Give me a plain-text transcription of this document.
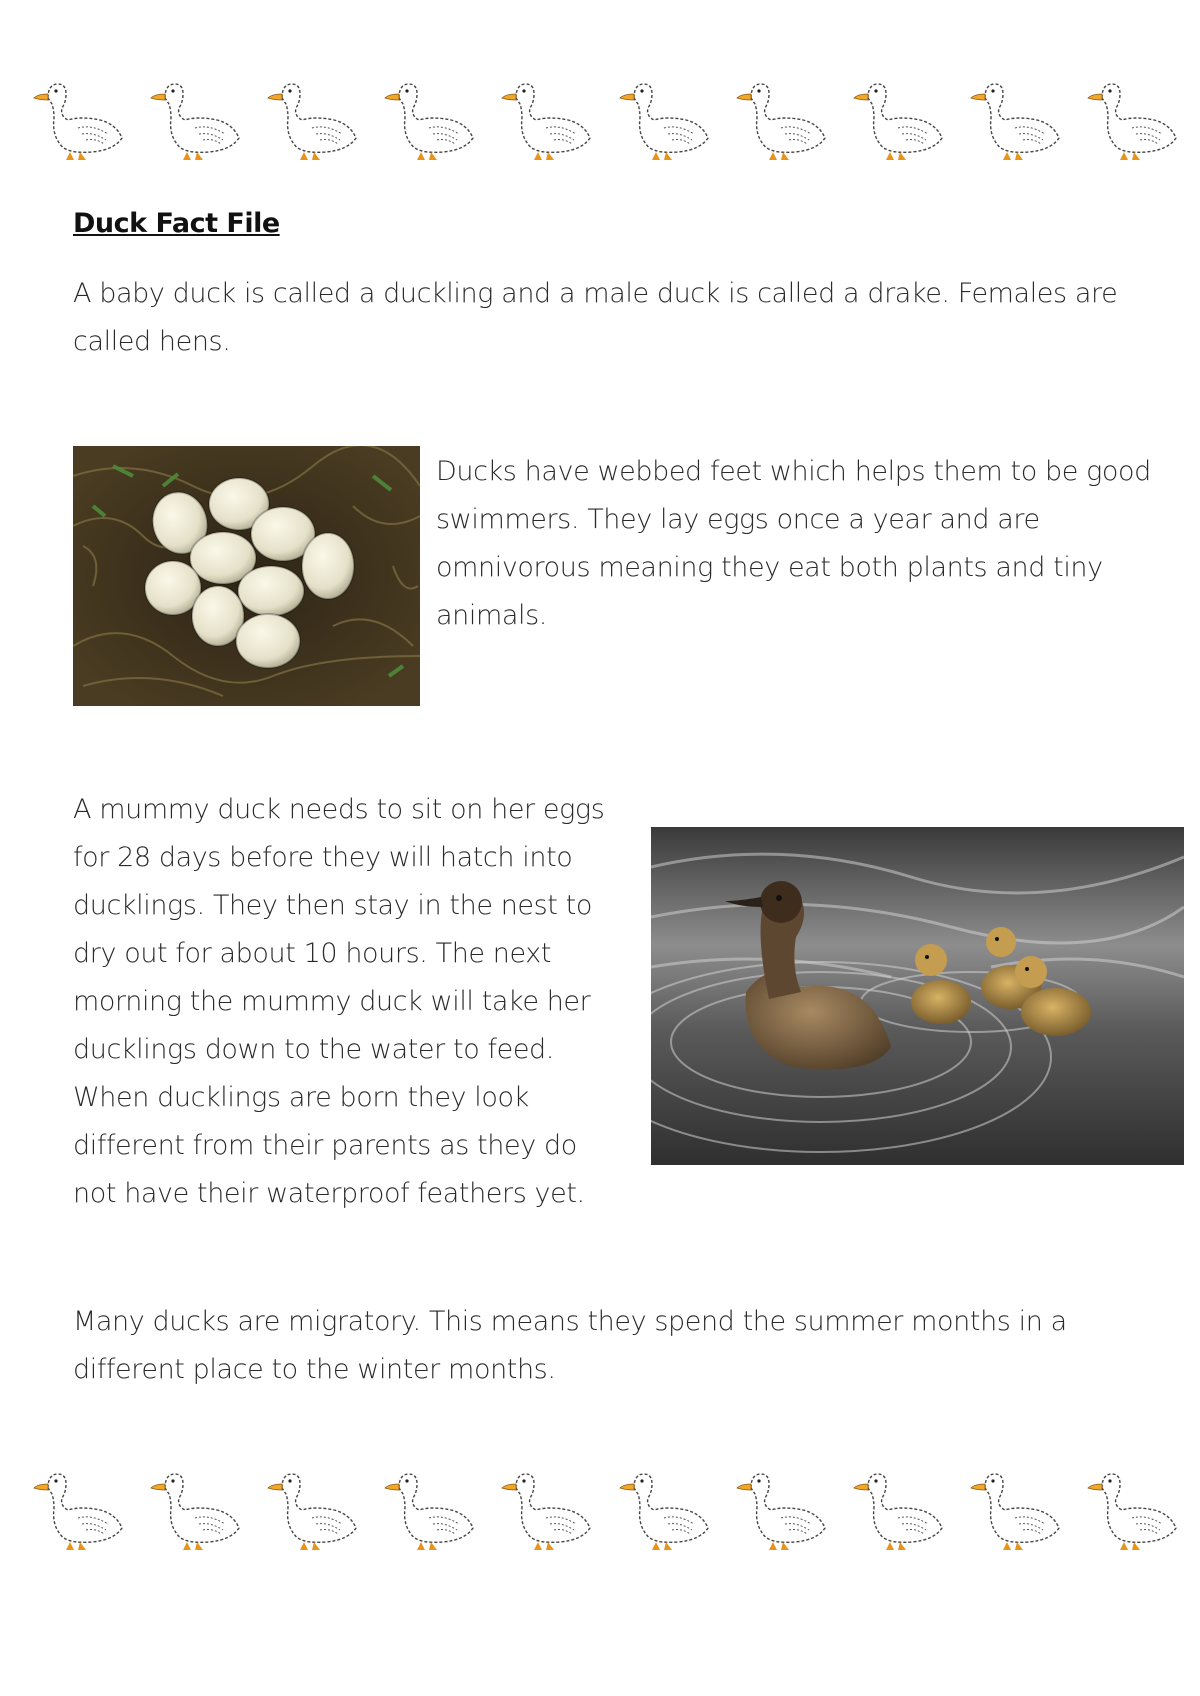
Duck Fact File

A baby duck is called a duckling and a male duck is called a drake. Females are called hens.

Ducks have webbed feet which helps them to be good swimmers. They lay eggs once a year and are omnivorous meaning they eat both plants and tiny animals.

A mummy duck needs to sit on her eggs for 28 days before they will hatch into ducklings. They then stay in the nest to dry out for about 10 hours. The next morning the mummy duck will take her ducklings down to the water to feed. When ducklings are born they look different from their parents as they do not have their waterproof feathers yet.

Many ducks are migratory. This means they spend the summer months in a different place to the winter months.
